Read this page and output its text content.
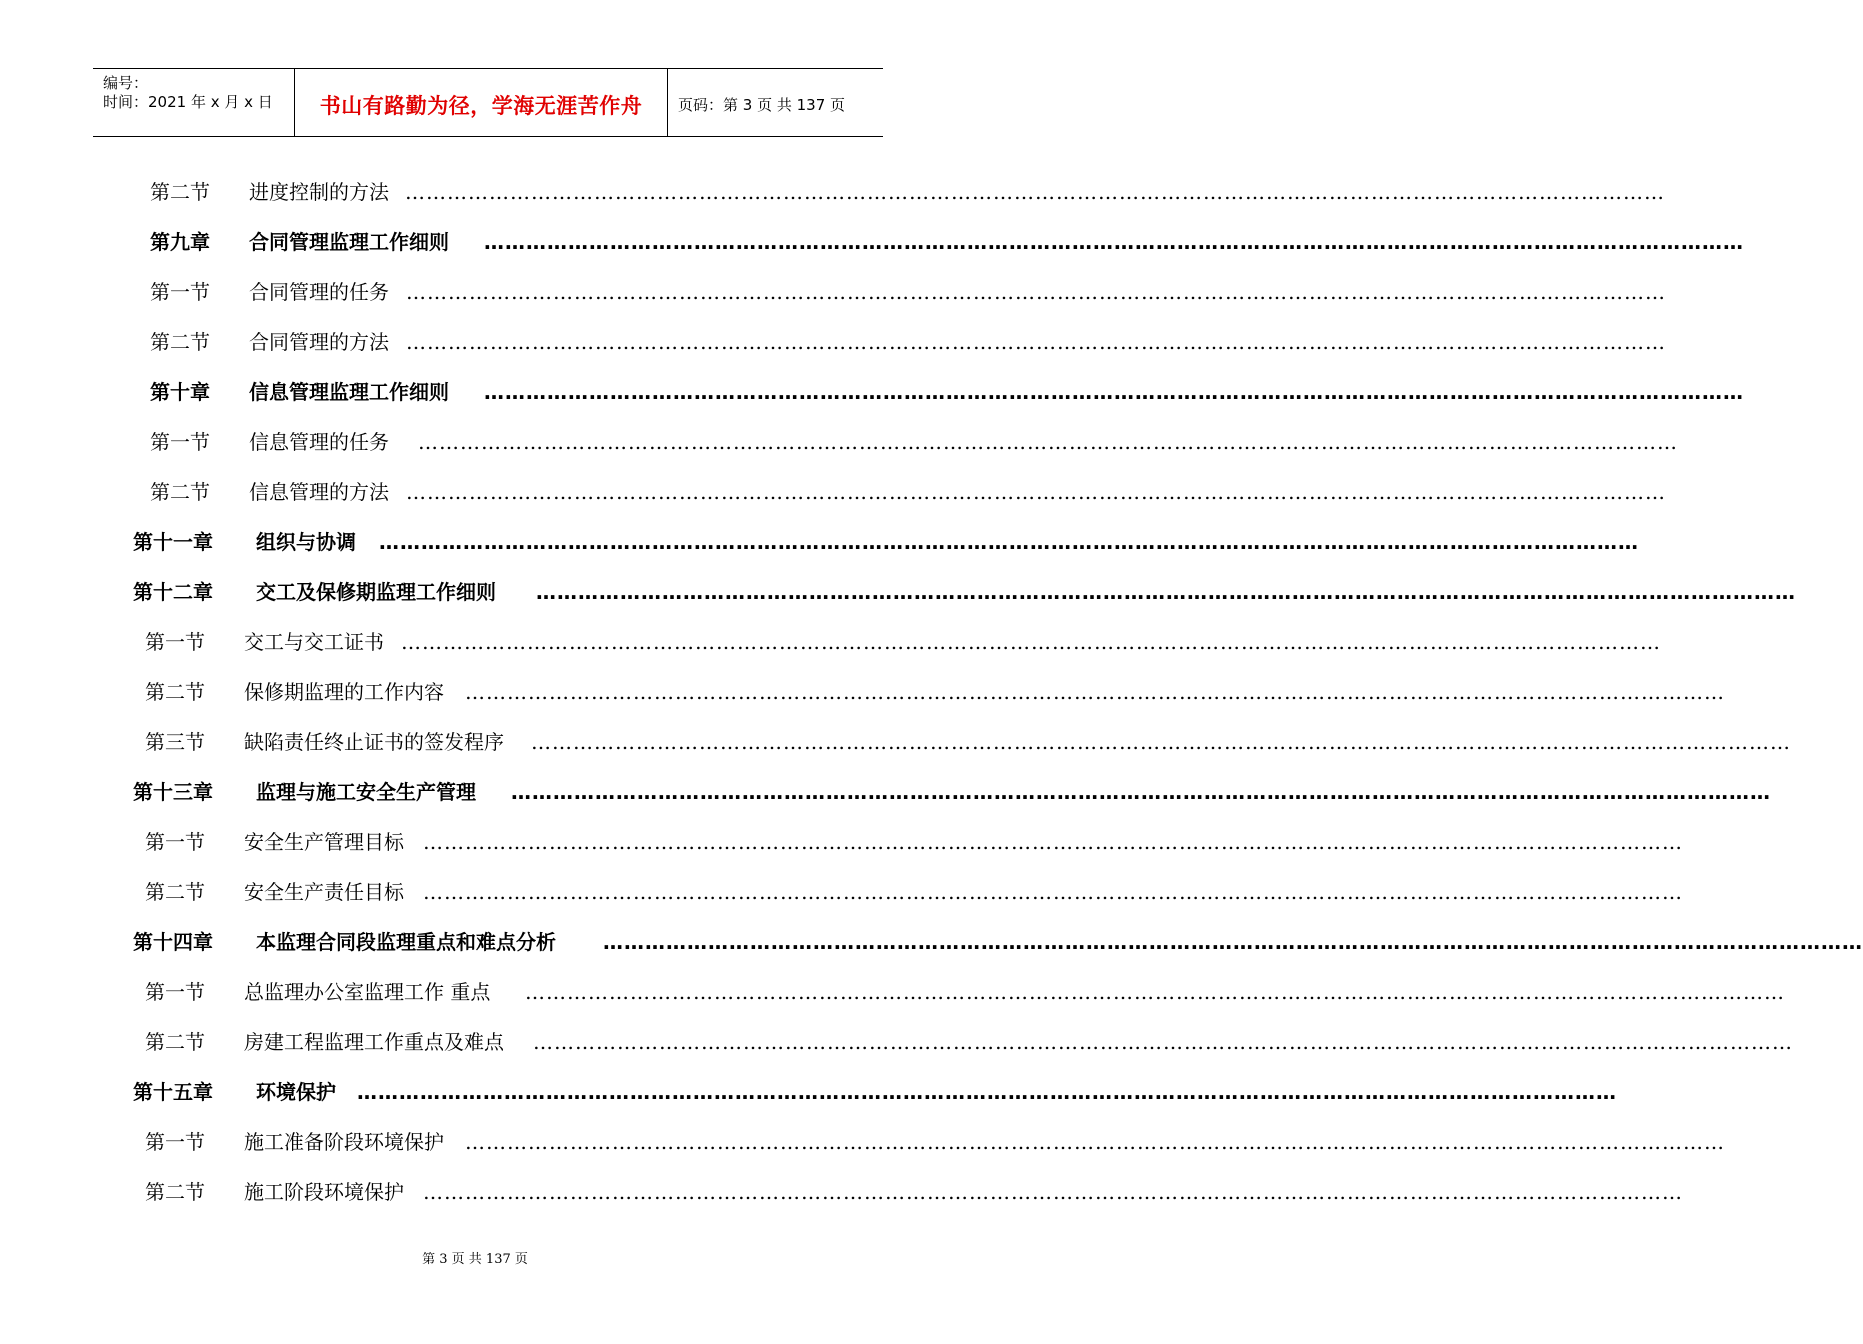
编号：
时间：2021 年 x 月 x 日	书山有路勤为径，学海无涯苦作舟	页码：第 3 页 共 137 页
第二节 进度控制的方法 ………………………………………………………………………………………………………………………………………………………………
第九章 合同管理监理工作细则 ………………………………………………………………………………………………………………………………………………………………
第一节 合同管理的任务 ………………………………………………………………………………………………………………………………………………………………
第二节 合同管理的方法 ………………………………………………………………………………………………………………………………………………………………
第十章 信息管理监理工作细则 ………………………………………………………………………………………………………………………………………………………………
第一节 信息管理的任务 ………………………………………………………………………………………………………………………………………………………………
第二节 信息管理的方法 ………………………………………………………………………………………………………………………………………………………………
第十一章 组织与协调 ………………………………………………………………………………………………………………………………………………………………
第十二章 交工及保修期监理工作细则 ………………………………………………………………………………………………………………………………………………………………
第一节 交工与交工证书 ………………………………………………………………………………………………………………………………………………………………
第二节 保修期监理的工作内容 ………………………………………………………………………………………………………………………………………………………………
第三节 缺陷责任终止证书的签发程序 ………………………………………………………………………………………………………………………………………………………………
第十三章 监理与施工安全生产管理 ………………………………………………………………………………………………………………………………………………………………
第一节 安全生产管理目标 ………………………………………………………………………………………………………………………………………………………………
第二节 安全生产责任目标 ………………………………………………………………………………………………………………………………………………………………
第十四章 本监理合同段监理重点和难点分析 ………………………………………………………………………………………………………………………………………………………………
第一节 总监理办公室监理工作 重点 ………………………………………………………………………………………………………………………………………………………………
第二节 房建工程监理工作重点及难点 ………………………………………………………………………………………………………………………………………………………………
第十五章 环境保护 ………………………………………………………………………………………………………………………………………………………………
第一节 施工准备阶段环境保护 ………………………………………………………………………………………………………………………………………………………………
第二节 施工阶段环境保护 ………………………………………………………………………………………………………………………………………………………………
第 3 页 共 137 页
